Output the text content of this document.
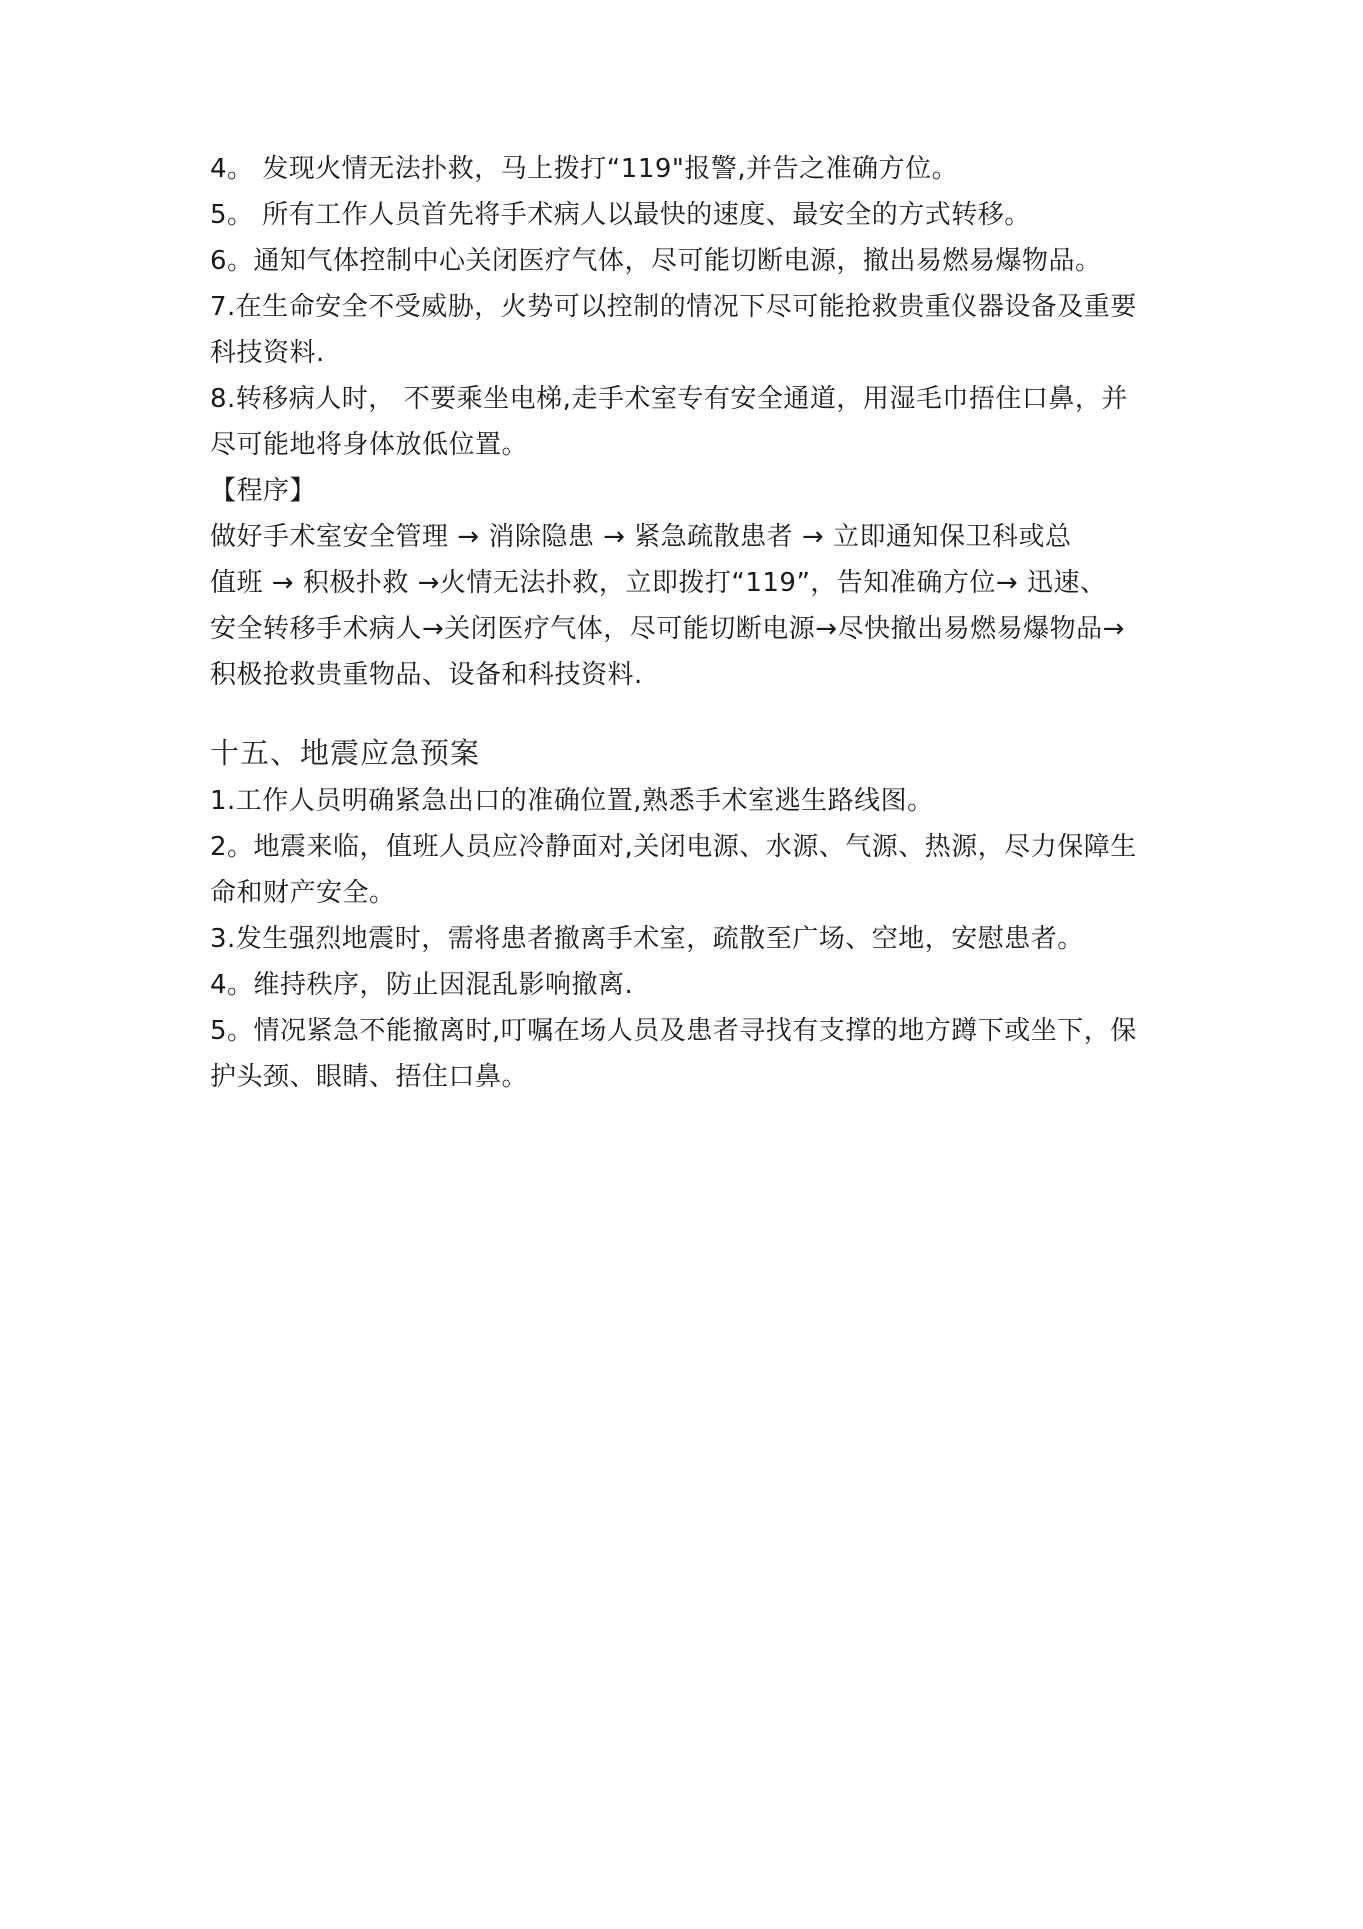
4。 发现火情无法扑救，马上拨打“119"报警,并告之准确方位。
5。 所有工作人员首先将手术病人以最快的速度、最安全的方式转移。
6。通知气体控制中心关闭医疗气体，尽可能切断电源，撤出易燃易爆物品。
7.在生命安全不受威胁，火势可以控制的情况下尽可能抢救贵重仪器设备及重要
科技资料.
8.转移病人时， 不要乘坐电梯,走手术室专有安全通道，用湿毛巾捂住口鼻，并
尽可能地将身体放低位置。
【程序】
做好手术室安全管理 → 消除隐患 → 紧急疏散患者 → 立即通知保卫科或总
值班 → 积极扑救 →火情无法扑救，立即拨打“119”，告知准确方位→ 迅速、
安全转移手术病人→关闭医疗气体，尽可能切断电源→尽快撤出易燃易爆物品→
积极抢救贵重物品、设备和科技资料.
十五、地震应急预案
1.工作人员明确紧急出口的准确位置,熟悉手术室逃生路线图。
2。地震来临，值班人员应冷静面对,关闭电源、水源、气源、热源，尽力保障生
命和财产安全。
3.发生强烈地震时，需将患者撤离手术室，疏散至广场、空地，安慰患者。
4。维持秩序，防止因混乱影响撤离.
5。情况紧急不能撤离时,叮嘱在场人员及患者寻找有支撑的地方蹲下或坐下，保
护头颈、眼睛、捂住口鼻。
